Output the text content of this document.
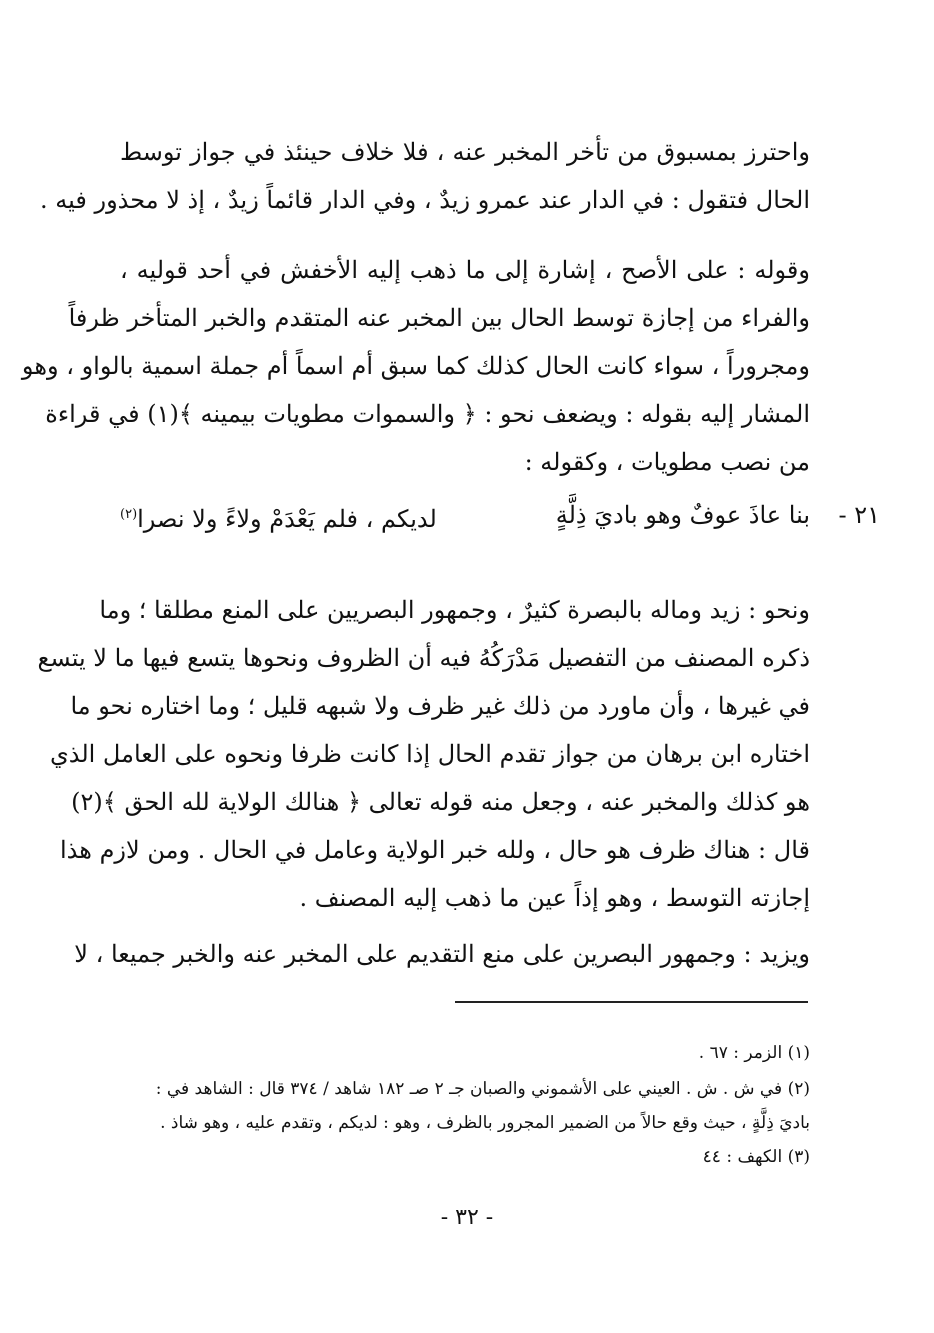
واحترز بمسبوق من تأخر المخبر عنه ، فلا خلاف حينئذ في جواز توسط
الحال فتقول : في الدار عند عمرو زيدٌ ، وفي الدار قائماً زيدٌ ، إذ لا محذور فيه .
وقوله : على الأصح ، إشارة إلى ما ذهب إليه الأخفش في أحد قوليه ،
والفراء من إجازة توسط الحال بين المخبر عنه المتقدم والخبر المتأخر ظرفاً
ومجروراً ، سواء كانت الحال كذلك كما سبق أم اسماً أم جملة اسمية بالواو ، وهو
المشار إليه بقوله : ويضعف نحو : ﴿ والسموات مطويات بيمينه ﴾(١) في قراءة
من نصب مطويات ، وكقوله :
٢١ -
بنا عاذَ عوفٌ وهو باديَ ذِلَّةٍ
لديكم ، فلم يَعْدَمْ ولاءً ولا نصرا$^{(٢)}$
ونحو : زيد وماله بالبصرة كثيرٌ ، وجمهور البصريين على المنع مطلقا ؛ وما
ذكره المصنف من التفصيل مَدْرَكُهُ فيه أن الظروف ونحوها يتسع فيها ما لا يتسع
في غيرها ، وأن ماورد من ذلك غير ظرف ولا شبهه قليل ؛ وما اختاره نحو ما
اختاره ابن برهان من جواز تقدم الحال إذا كانت ظرفا ونحوه على العامل الذي
هو كذلك والمخبر عنه ، وجعل منه قوله تعالى ﴿ هنالك الولاية لله الحق ﴾(٢)
قال : هناك ظرف هو حال ، ولله خبر الولاية وعامل في الحال . ومن لازم هذا
إجازته التوسط ، وهو إذاً عين ما ذهب إليه المصنف .
ويزيد : وجمهور البصرين على منع التقديم على المخبر عنه والخبر جميعا ، لا
(١) الزمر : ٦٧ .
(٢) في ش . ش . العيني على الأشموني والصبان جـ ٢ صـ ١٨٢ شاهد / ٣٧٤ قال : الشاهد في :
باديَ ذِلَّةٍ ، حيث وقع حالاً من الضمير المجرور بالظرف ، وهو : لديكم ، وتقدم عليه ، وهو شاذ .
(٣) الكهف : ٤٤
- ٣٢ -
